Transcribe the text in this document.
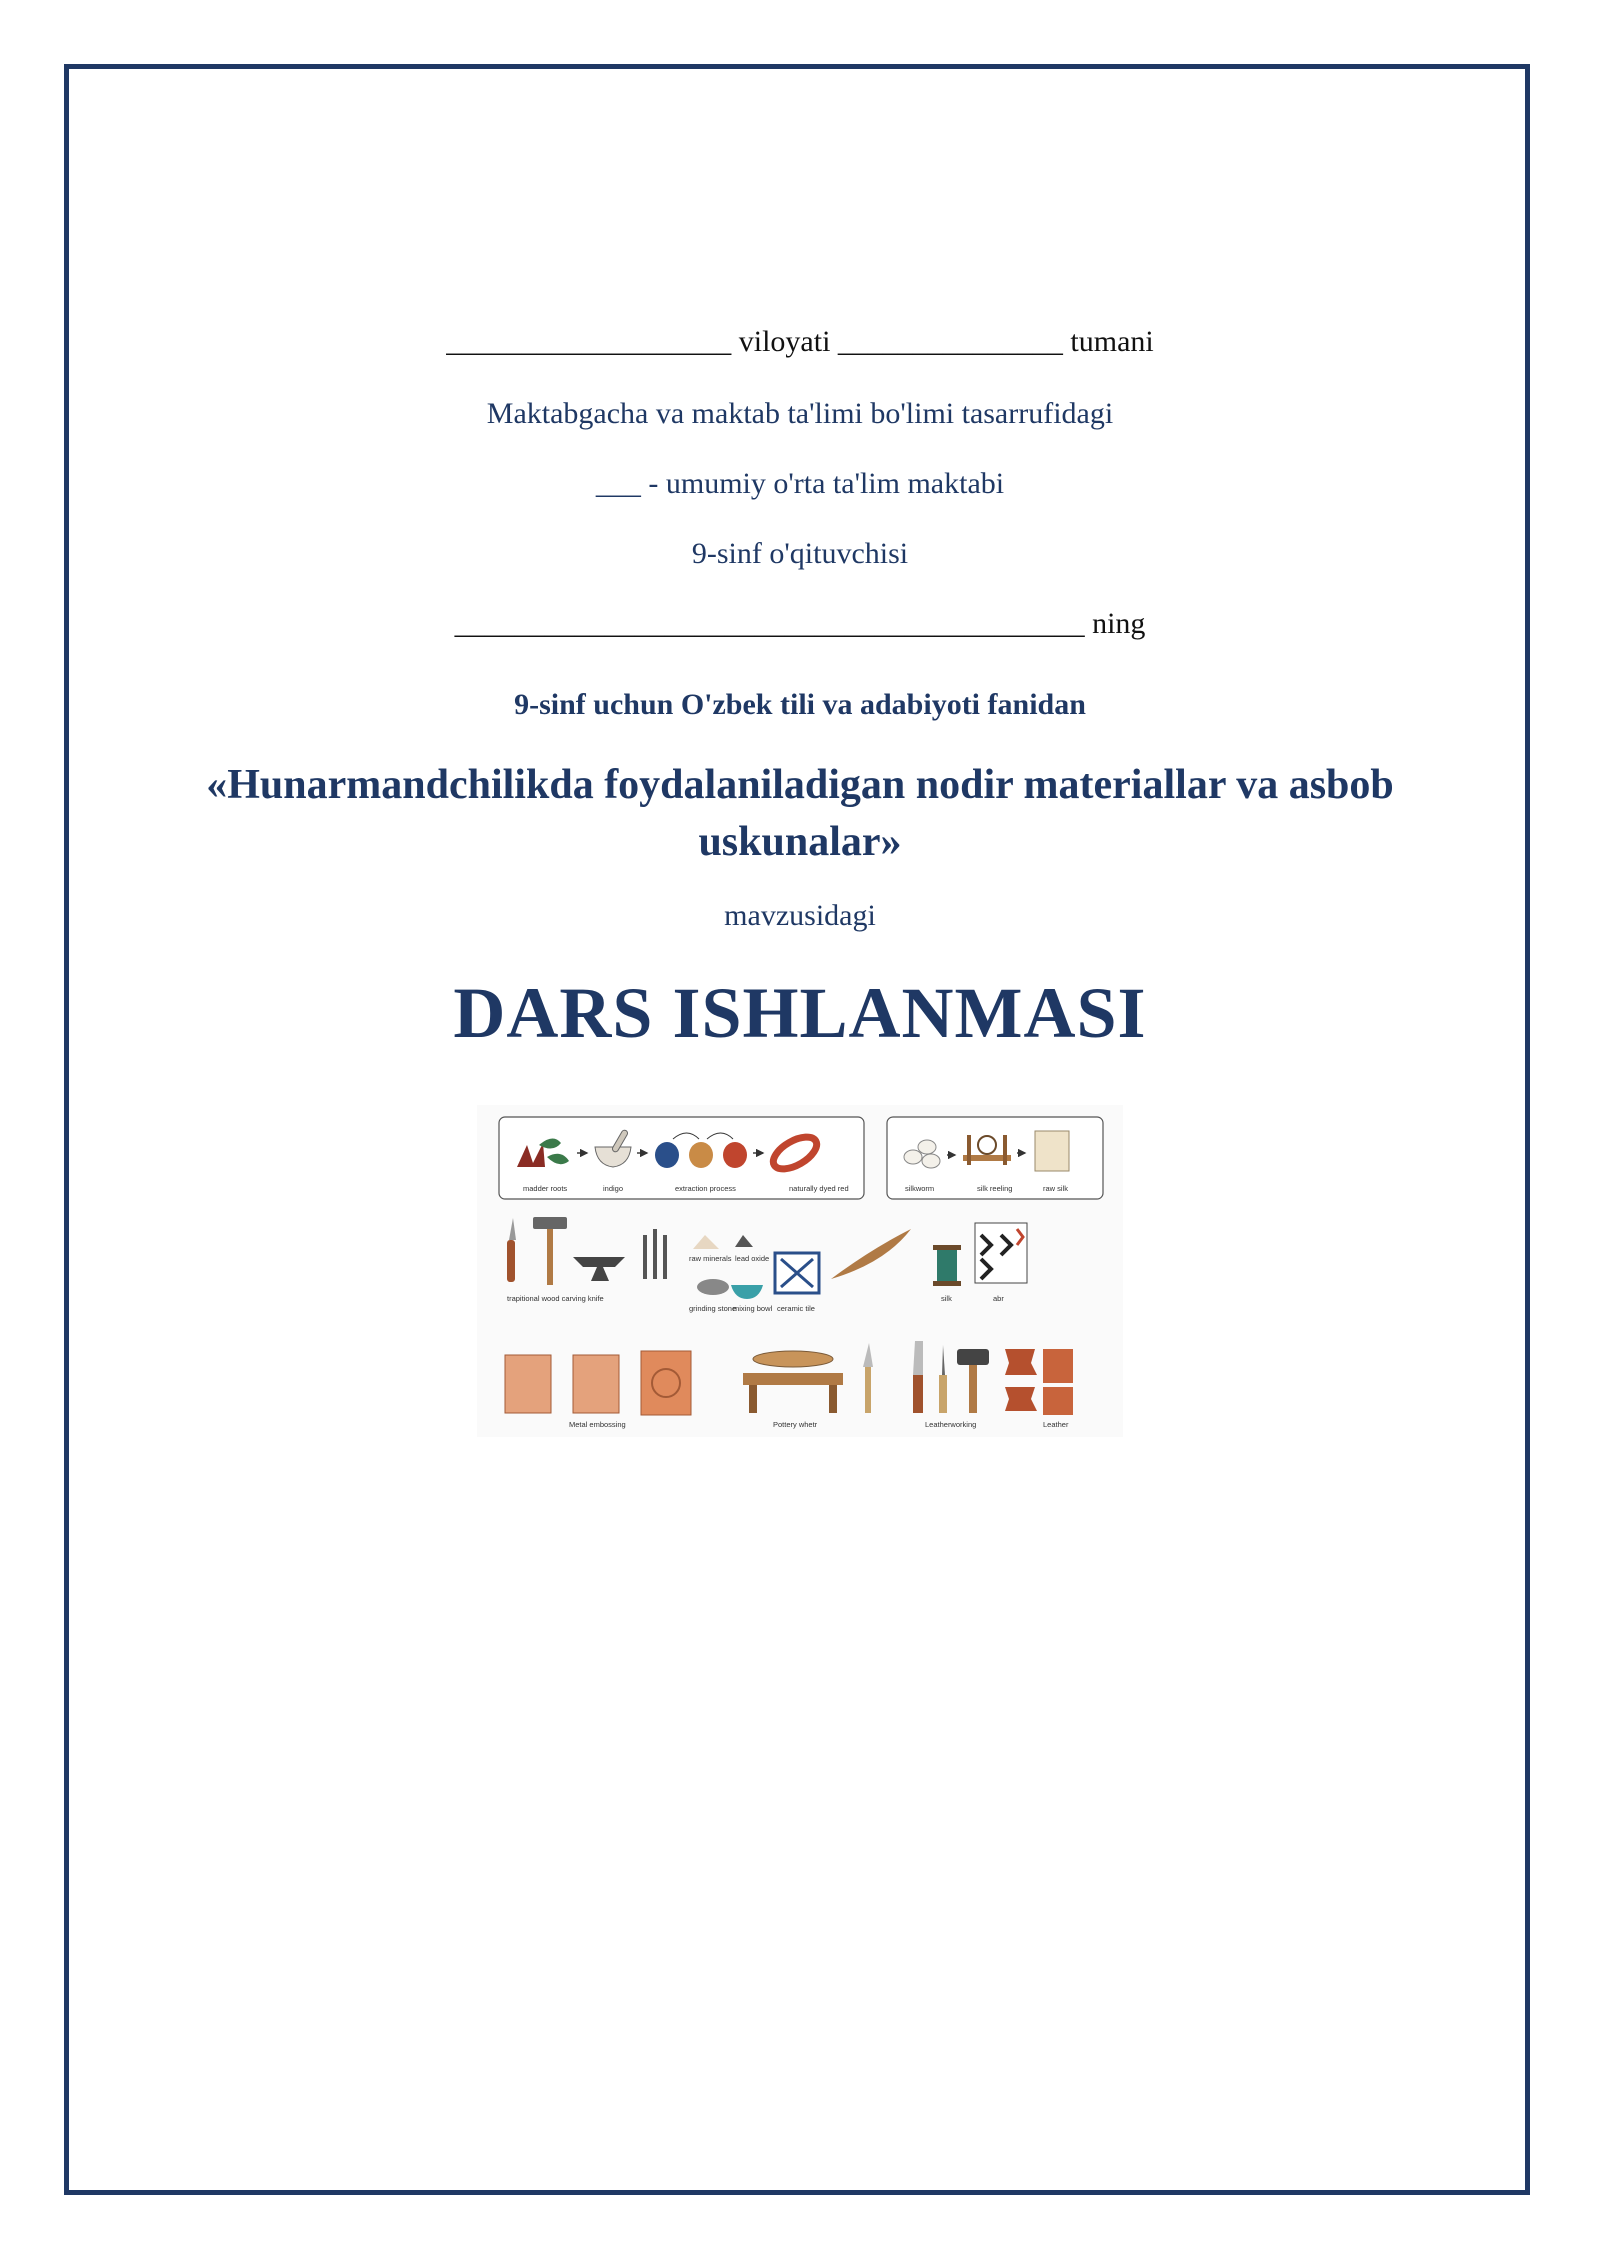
___________________ viloyati _______________ tumani
Maktabgacha va maktab ta'limi bo'limi tasarrufidagi
___ - umumiy o'rta ta'lim maktabi
9-sinf o'qituvchisi
__________________________________________ ning
9-sinf uchun O'zbek tili va adabiyoti fanidan
«Hunarmandchilikda foydalaniladigan nodir materiallar va asbob uskunalar»
mavzusidagi
DARS ISHLANMASI
madder roots	indigo	extraction process	naturally dyed red	silkworm	silk reeling	raw silk
trapitional wood carving knife
raw minerals lead oxide
grinding stone
mixing bowl ceramic tile
silk	abr
Metal embossing	Pottery whetr	Leatherworking	Leather
